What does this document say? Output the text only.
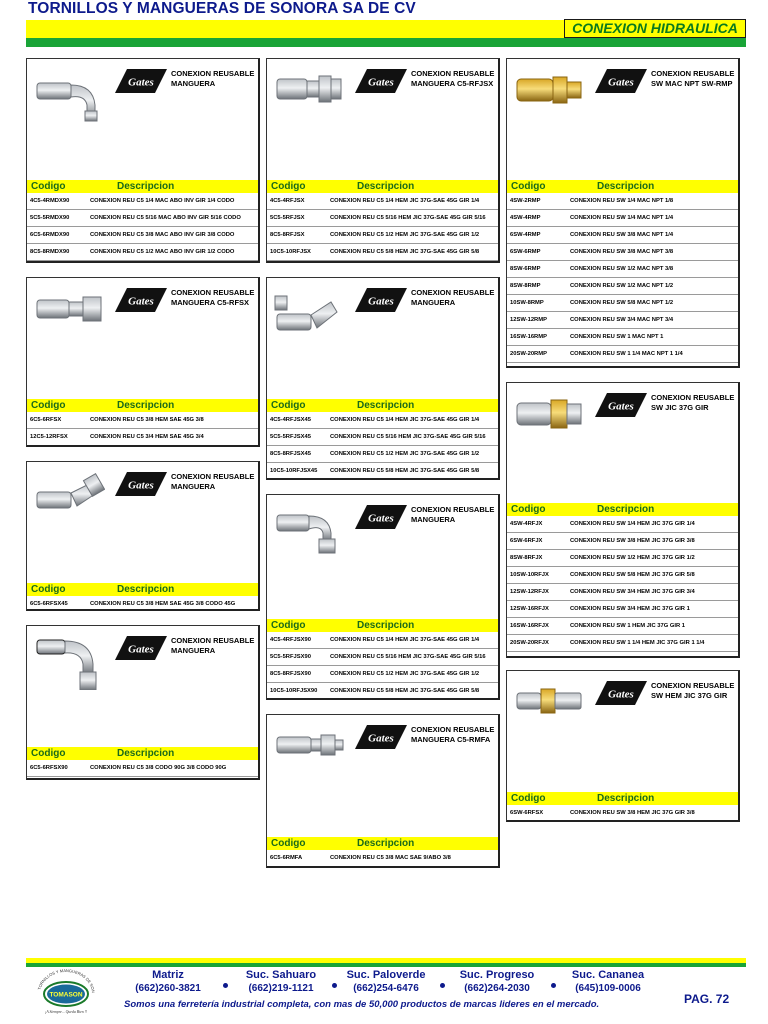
TORNILLOS Y MANGUERAS DE SONORA SA DE CV
CONEXION HIDRAULICA
Gates
CONEXION REUSABLE
MANGUERA
Codigo	Descripcion
4C5-4RMDX90	CONEXION REU C5 1/4 MAC ABO INV GIR 1/4 CODO
5C5-5RMDX90	CONEXION REU C5 5/16 MAC ABO INV GIR 5/16 CODO
6C5-6RMDX90	CONEXION REU C5 3/8 MAC ABO INV GIR 3/8 CODO
8C5-8RMDX90	CONEXION REU C5 1/2 MAC ABO INV GIR 1/2 CODO
Gates
CONEXION REUSABLE
MANGUERA C5-RFSX
Codigo	Descripcion
6C5-6RFSX	CONEXION REU C5 3/8 HEM SAE 45G 3/8
12C5-12RFSX	CONEXION REU C5 3/4 HEM SAE 45G 3/4
Gates
CONEXION REUSABLE
MANGUERA
Codigo	Descripcion
6C5-6RFSX45	CONEXION REU C5 3/8 HEM SAE 45G 3/8 CODO 45G
Gates
CONEXION REUSABLE
MANGUERA
Codigo	Descripcion
6C5-6RFSX90	CONEXION REU C5 3/8 CODO 90G 3/8 CODO 90G
Gates
CONEXION REUSABLE
MANGUERA C5-RFJSX
Codigo	Descripcion
4C5-4RFJSX	CONEXION REU C5 1/4 HEM JIC 37G-SAE 45G GIR 1/4
5C5-5RFJSX	CONEXION REU C5 5/16 HEM JIC 37G-SAE 45G GIR 5/16
8C5-8RFJSX	CONEXION REU C5 1/2 HEM JIC 37G-SAE 45G GIR 1/2
10C5-10RFJSX	CONEXION REU C5 5/8 HEM JIC 37G-SAE 45G GIR 5/8
Gates
CONEXION REUSABLE
MANGUERA
Codigo	Descripcion
4C5-4RFJSX45	CONEXION REU C5 1/4 HEM JIC 37G-SAE 45G GIR 1/4
5C5-5RFJSX45	CONEXION REU C5 5/16 HEM JIC 37G-SAE 45G GIR 5/16
8C5-8RFJSX45	CONEXION REU C5 1/2 HEM JIC 37G-SAE 45G GIR 1/2
10C5-10RFJSX45 CONEXION REU C5 5/8 HEM JIC 37G-SAE 45G GIR 5/8
Gates
CONEXION REUSABLE
MANGUERA
Codigo	Descripcion
4C5-4RFJSX90	CONEXION REU C5 1/4 HEM JIC 37G-SAE 45G GIR 1/4
5C5-5RFJSX90	CONEXION REU C5 5/16 HEM JIC 37G-SAE 45G GIR 5/16
8C5-8RFJSX90	CONEXION REU C5 1/2 HEM JIC 37G-SAE 45G GIR 1/2
10C5-10RFJSX90 CONEXION REU C5 5/8 HEM JIC 37G-SAE 45G GIR 5/8
Gates
CONEXION REUSABLE
MANGUERA C5-RMFA
Codigo	Descripcion
6C5-6RMFA	CONEXION REU C5 3/8 MAC SAE 9/ABO 3/8
Gates
CONEXION REUSABLE
SW MAC NPT SW-RMP
Codigo	Descripcion
4SW-2RMP	CONEXION REU SW 1/4 MAC NPT 1/8
4SW-4RMP	CONEXION REU SW 1/4 MAC NPT 1/4
6SW-4RMP	CONEXION REU SW 3/8 MAC NPT 1/4
6SW-6RMP	CONEXION REU SW 3/8 MAC NPT 3/8
8SW-6RMP	CONEXION REU SW 1/2 MAC NPT 3/8
8SW-8RMP	CONEXION REU SW 1/2 MAC NPT 1/2
10SW-8RMP	CONEXION REU SW 5/8 MAC NPT 1/2
12SW-12RMP	CONEXION REU SW 3/4 MAC NPT 3/4
16SW-16RMP	CONEXION REU SW 1 MAC NPT 1
20SW-20RMP	CONEXION REU SW 1 1/4 MAC NPT 1 1/4
Gates
CONEXION REUSABLE
SW JIC 37G GIR
Codigo	Descripcion
4SW-4RFJX	CONEXION REU SW 1/4 HEM JIC 37G GIR 1/4
6SW-6RFJX	CONEXION REU SW 3/8 HEM JIC 37G GIR 3/8
8SW-8RFJX	CONEXION REU SW 1/2 HEM JIC 37G GIR 1/2
10SW-10RFJX	CONEXION REU SW 5/8 HEM JIC 37G GIR 5/8
12SW-12RFJX	CONEXION REU SW 3/4 HEM JIC 37G GIR 3/4
12SW-16RFJX	CONEXION REU SW 3/4 HEM JIC 37G GIR 1
16SW-16RFJX	CONEXION REU SW 1 HEM JIC 37G GIR 1
20SW-20RFJX	CONEXION REU SW 1 1/4 HEM JIC 37G GIR 1 1/4
Gates
CONEXION REUSABLE
SW HEM JIC 37G GIR
Codigo	Descripcion
6SW-6RFSX	CONEXION REU SW 3/8 HEM JIC 37G GIR 3/8
TORNILLOS Y MANGUERAS DE SON
TOMASON
¡A Siempre... Queda Bien !!
Matriz
(662)260-3821
Suc. Sahuaro
(662)219-1121
Suc. Paloverde
(662)254-6476
Suc. Progreso
(662)264-2030
Suc. Cananea
(645)109-0006
Somos una ferretería industrial completa, con mas de 50,000 productos de marcas lideres en el mercado.	PAG. 72
